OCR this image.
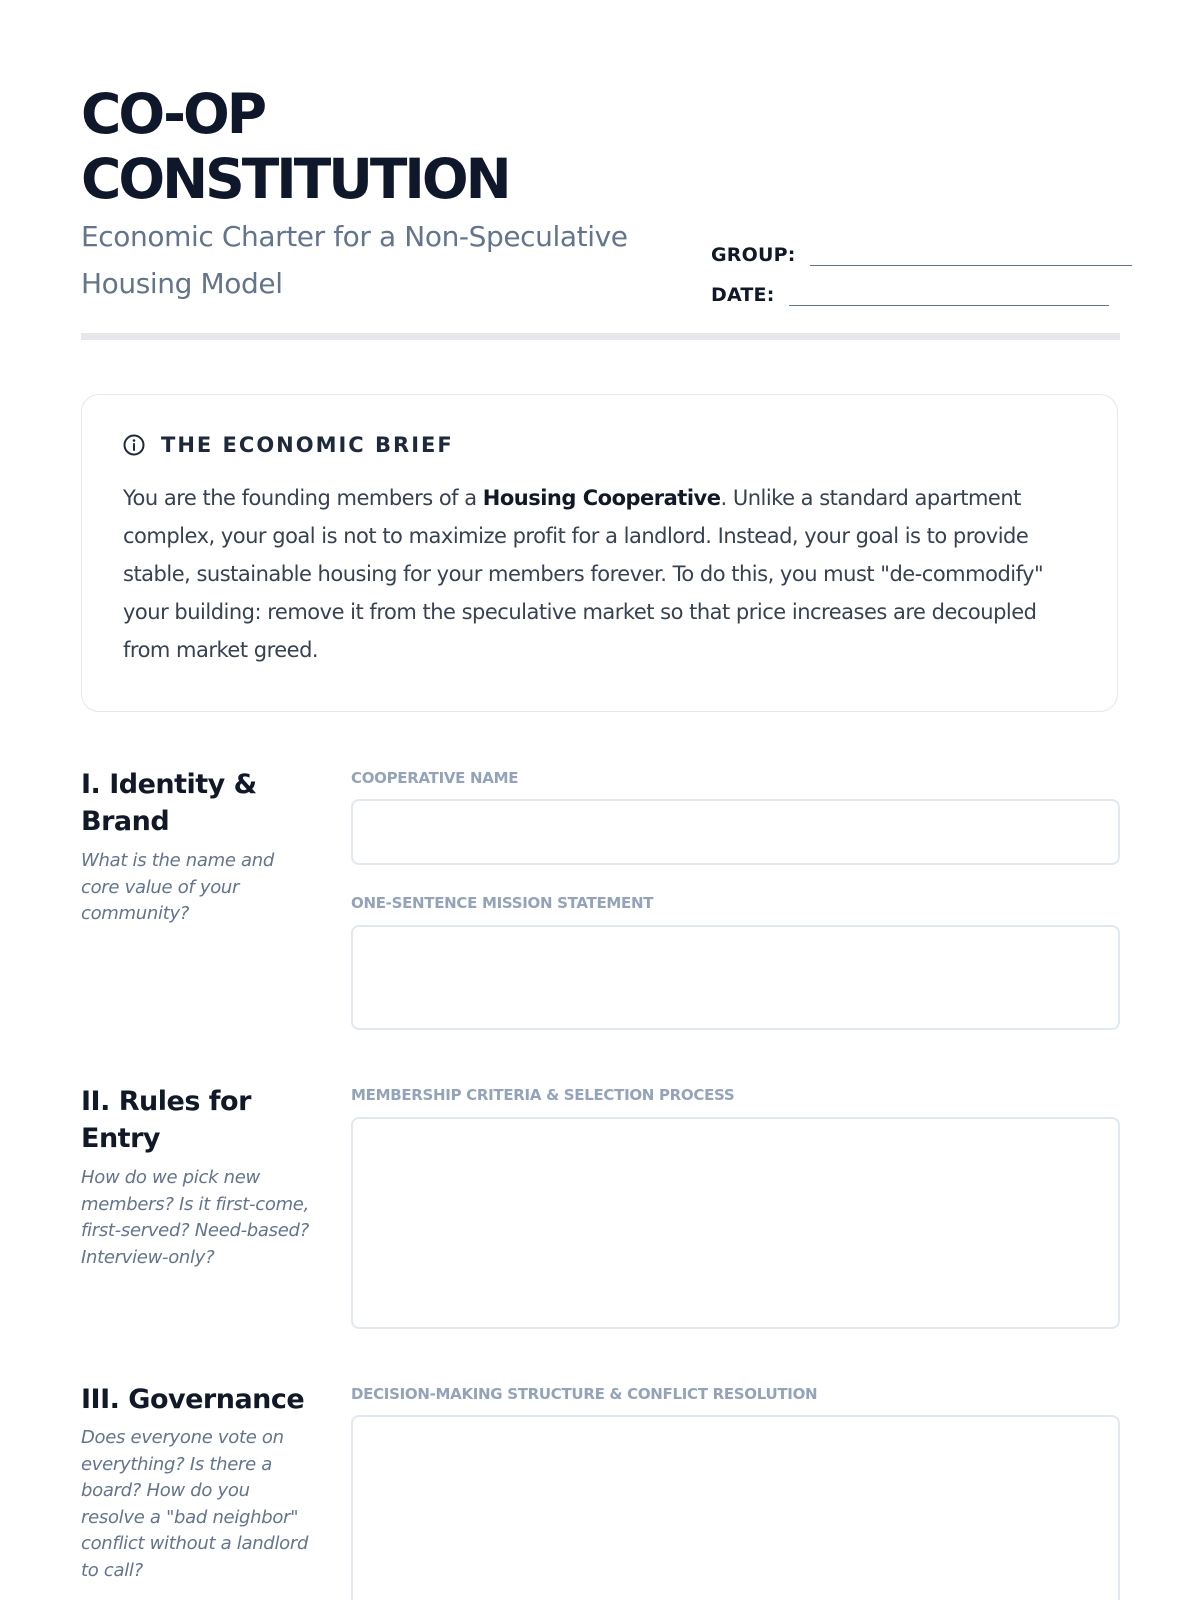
CO-OP
CONSTITUTION

Economic Charter for a Non-Speculative
Housing Model

GROUP:
DATE:
THE ECONOMIC BRIEF

You are the founding members of a Housing Cooperative. Unlike a standard apartment complex, your goal is not to maximize profit for a landlord. Instead, your goal is to provide stable, sustainable housing for your members forever. To do this, you must "de-commodify" your building: remove it from the speculative market so that price increases are decoupled from market greed.

I. Identity & Brand

What is the name and core value of your community?

COOPERATIVE NAME

ONE-SENTENCE MISSION STATEMENT

II. Rules for Entry

How do we pick new members? Is it first-come, first-served? Need-based? Interview-only?

MEMBERSHIP CRITERIA & SELECTION PROCESS

III. Governance

Does everyone vote on everything? Is there a board? How do you resolve a "bad neighbor" conflict without a landlord to call?

DECISION-MAKING STRUCTURE & CONFLICT RESOLUTION
